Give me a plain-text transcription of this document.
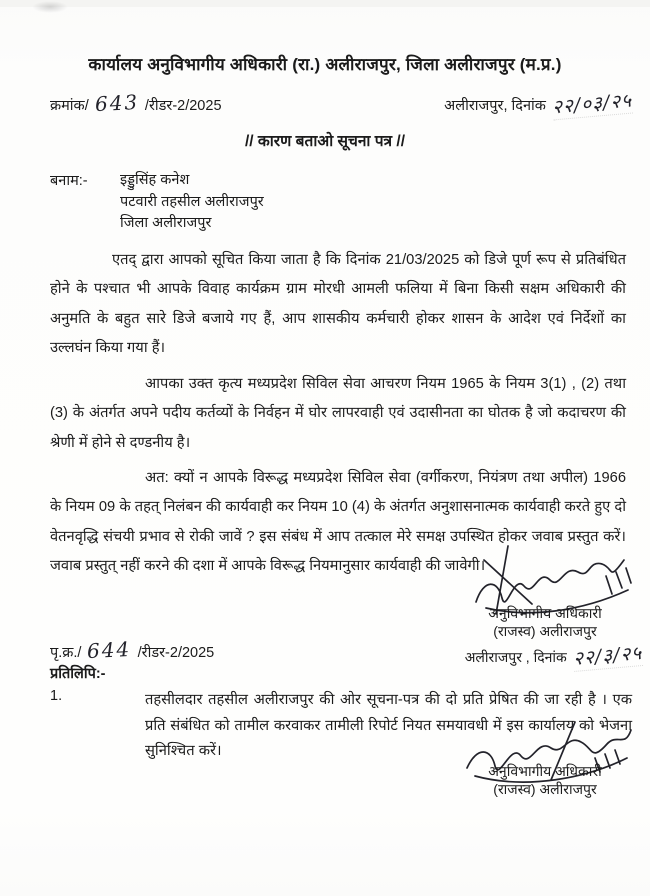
कार्यालय अनुविभागीय अधिकारी (रा.) अलीराजपुर, जिला अलीराजपुर (म.प्र.)
क्रमांक/ 643 /रीडर-2/2025	अलीराजपुर, दिनांक २२/०३/२५
// कारण बताओ सूचना पत्र //
बनाम:- इड्डुसिंह कनेश
पटवारी तहसील अलीराजपुर
जिला अलीराजपुर
एतद् द्वारा आपको सूचित किया जाता है कि दिनांक 21/03/2025 को डिजे पूर्ण रूप से प्रतिबंधित होने के पश्चात भी आपके विवाह कार्यक्रम ग्राम मोरधी आमली फलिया में बिना किसी सक्षम अधिकारी की अनुमति के बहुत सारे डिजे बजाये गए हैं, आप शासकीय कर्मचारी होकर शासन के आदेश एवं निर्देशों का उल्लघंन किया गया हैं।
आपका उक्त कृत्य मध्यप्रदेश सिविल सेवा आचरण नियम 1965 के नियम 3(1) , (2) तथा (3) के अंतर्गत अपने पदीय कर्तव्यों के निर्वहन में घोर लापरवाही एवं उदासीनता का घोतक है जो कदाचरण की श्रेणी में होने से दण्डनीय है।
अत: क्यों न आपके विरूद्ध मध्यप्रदेश सिविल सेवा (वर्गीकरण, नियंत्रण तथा अपील) 1966 के नियम 09 के तहत् निलंबन की कार्यवाही कर नियम 10 (4) के अंतर्गत अनुशासनात्मक कार्यवाही करते हुए दो वेतनवृद्धि संचयी प्रभाव से रोकी जावें ? इस संबंध में आप तत्काल मेरे समक्ष उपस्थित होकर जवाब प्रस्तुत करें। जवाब प्रस्तुत् नहीं करने की दशा में आपके विरूद्ध नियमानुसार कार्यवाही की जावेगी।
अनुविभागीय अधिकारी
(राजस्व) अलीराजपुर
अलीराजपुर , दिनांक २२/३/२५
पृ.क्र./ 644 /रीडर-2/2025
प्रतिलिपि:-
1.	तहसीलदार तहसील अलीराजपुर की ओर सूचना-पत्र की दो प्रति प्रेषित की जा रही है । एक प्रति संबंधित को तामील करवाकर तामीली रिपोर्ट नियत समयावधी में इस कार्यालय को भेजना सुनिश्चित करें।
अनुविभागीय अधिकारी
(राजस्व) अलीराजपुर
